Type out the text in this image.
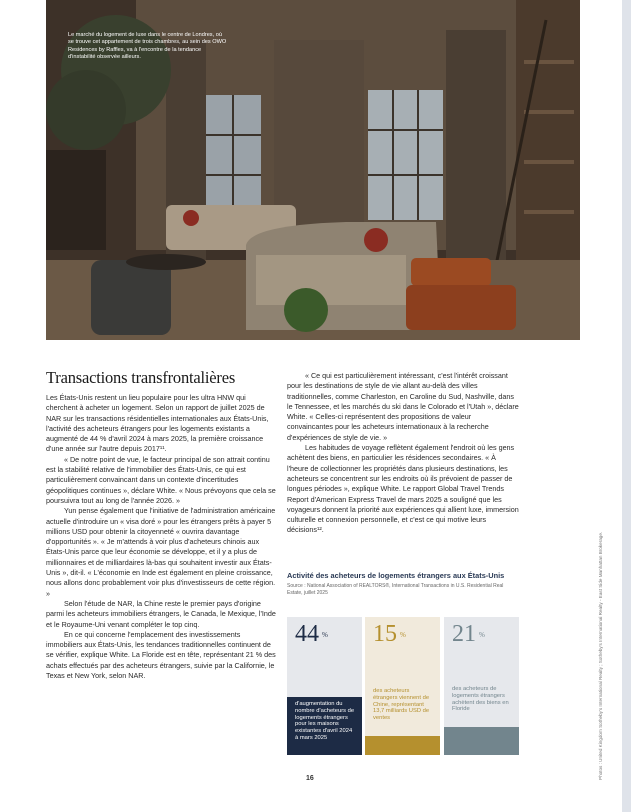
Le marché du logement de luxe dans le centre de Londres, où se trouve cet appartement de trois chambres, au sein des OWO Residences by Raffles, va à l'encontre de la tendance d'instabilité observée ailleurs.
Photos : United Kingdom Sotheby's International Realty ; Sotheby's International Realty - East Side Manhattan Brokerage.
Transactions transfrontalières

Les États-Unis restent un lieu populaire pour les ultra HNW qui cherchent à acheter un logement. Selon un rapport de juillet 2025 de NAR sur les transactions résidentielles internationales aux États-Unis, l'activité des acheteurs étrangers pour les logements existants a augmenté de 44 % d'avril 2024 à mars 2025, la première croissance d'une année sur l'autre depuis 2017¹¹.

« De notre point de vue, le facteur principal de son attrait continu est la stabilité relative de l'immobilier des États-Unis, ce qui est particulièrement convaincant dans un contexte d'incertitudes géopolitiques continues », déclare White. « Nous prévoyons que cela se poursuivra tout au long de l'année 2026. »

Yun pense également que l'initiative de l'administration américaine actuelle d'introduire un « visa doré » pour les étrangers prêts à payer 5 millions USD pour obtenir la citoyenneté « ouvrira davantage d'opportunités ». « Je m'attends à voir plus d'acheteurs chinois aux États-Unis parce que leur économie se développe, et il y a plus de millionnaires et de milliardaires là-bas qui souhaitent investir aux États-Unis », dit-il. « L'économie en Inde est également en pleine croissance, nous allons donc probablement voir plus d'investisseurs de cette région. »

Selon l'étude de NAR, la Chine reste le premier pays d'origine parmi les acheteurs immobiliers étrangers, le Canada, le Mexique, l'Inde et le Royaume-Uni venant compléter le top cinq.

En ce qui concerne l'emplacement des investissements immobiliers aux États-Unis, les tendances traditionnelles continuent de se vérifier, explique White. La Floride est en tête, représentant 21 % des achats effectués par des acheteurs étrangers, suivie par la Californie, le Texas et New York, selon NAR.

« Ce qui est particulièrement intéressant, c'est l'intérêt croissant pour les destinations de style de vie allant au-delà des villes traditionnelles, comme Charleston, en Caroline du Sud, Nashville, dans le Tennessee, et les marchés du ski dans le Colorado et l'Utah », déclare White. « Celles-ci représentent des propositions de valeur convaincantes pour les acheteurs internationaux à la recherche d'expériences de style de vie. »

Les habitudes de voyage reflètent également l'endroit où les gens achètent des biens, en particulier les résidences secondaires. « À l'heure de collectionner les propriétés dans plusieurs destinations, les acheteurs se concentrent sur les endroits où ils prévoient de passer de longues périodes », explique White. Le rapport Global Travel Trends Report d'American Express Travel de mars 2025 a souligné que les voyageurs donnent la priorité aux expériences qui allient luxe, immersion culturelle et connexion personnelle, et c'est ce qui motive leurs décisions¹².

Activité des acheteurs de logements étrangers aux États-Unis
Source : National Association of REALTORS®, International Transactions in U.S. Residential Real Estate, juillet 2025
44 %
d'augmentation du nombre d'acheteurs de logements étrangers pour les maisons existantes d'avril 2024 à mars 2025
15 %
des acheteurs étrangers viennent de Chine, représentant 13,7 milliards USD de ventes
21 %
des acheteurs de logements étrangers achètent des biens en Floride
16
